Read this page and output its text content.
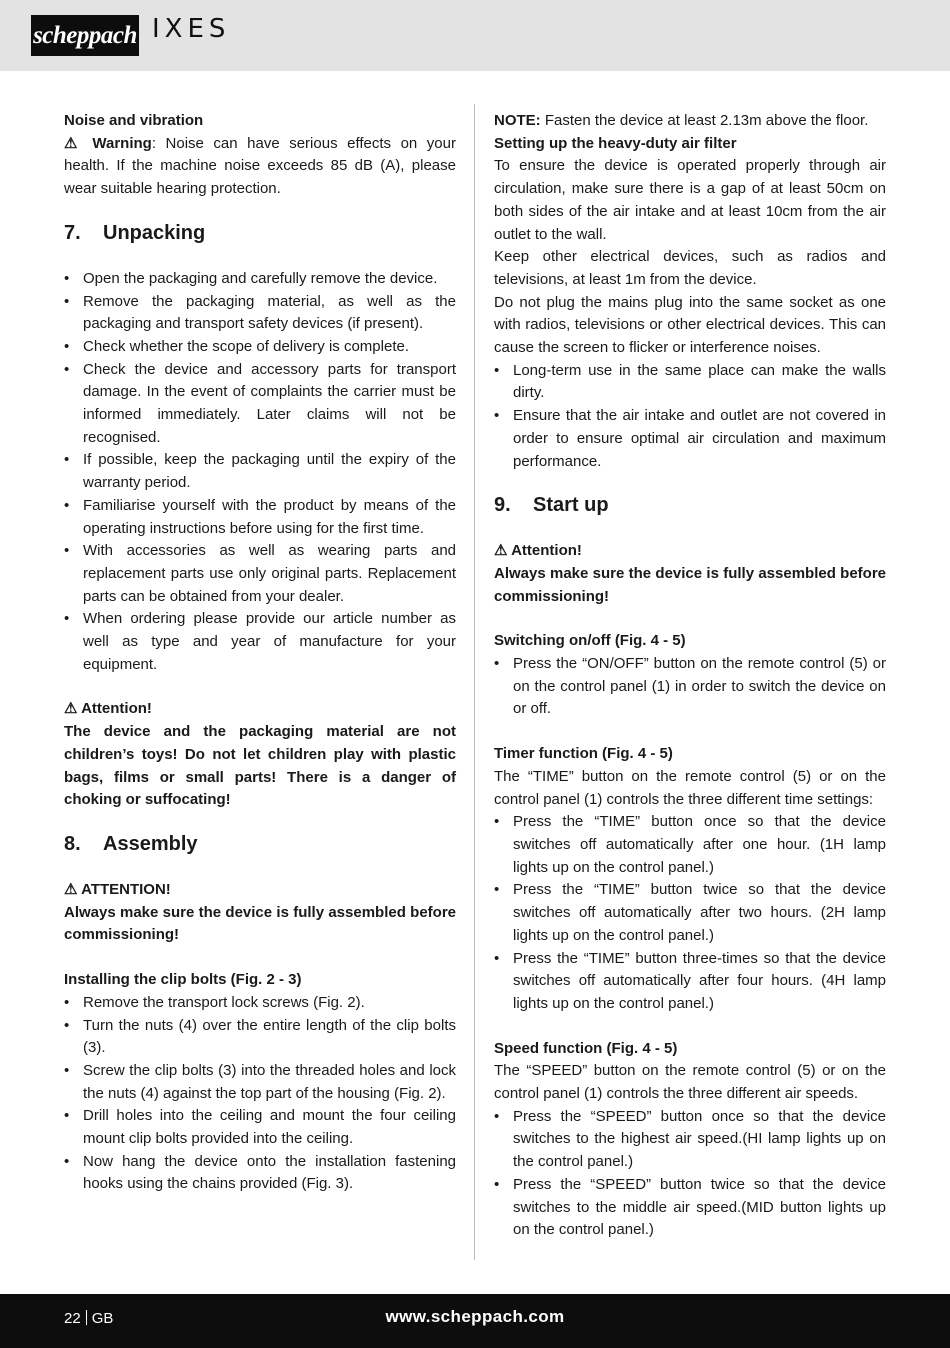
scheppach IXES

Noise and vibration

⚠ Warning: Noise can have serious effects on your health. If the machine noise exceeds 85 dB (A), please wear suitable hearing protection.

7. Unpacking
• Open the packaging and carefully remove the device.
• Remove the packaging material, as well as the packaging and transport safety devices (if present).
• Check whether the scope of delivery is complete.
• Check the device and accessory parts for transport damage. In the event of complaints the carrier must be informed immediately. Later claims will not be recognised.
• If possible, keep the packaging until the expiry of the warranty period.
• Familiarise yourself with the product by means of the operating instructions before using for the first time.
• With accessories as well as wearing parts and replacement parts use only original parts. Replacement parts can be obtained from your dealer.
• When ordering please provide our article number as well as type and year of manufacture for your equipment.

⚠ Attention!

The device and the packaging material are not children’s toys! Do not let children play with plastic bags, films or small parts! There is a danger of choking or suffocating!

8. Assembly

⚠ ATTENTION!

Always make sure the device is fully assembled before commissioning!

Installing the clip bolts (Fig. 2 - 3)

• Remove the transport lock screws (Fig. 2).
• Turn the nuts (4) over the entire length of the clip bolts (3).
• Screw the clip bolts (3) into the threaded holes and lock the nuts (4) against the top part of the housing (Fig. 2).
• Drill holes into the ceiling and mount the four ceiling mount clip bolts provided into the ceiling.
• Now hang the device onto the installation fastening hooks using the chains provided (Fig. 3).

NOTE: Fasten the device at least 2.13m above the floor.

Setting up the heavy-duty air filter

To ensure the device is operated properly through air circulation, make sure there is a gap of at least 50cm on both sides of the air intake and at least 10cm from the air outlet to the wall.

Keep other electrical devices, such as radios and televisions, at least 1m from the device.

Do not plug the mains plug into the same socket as one with radios, televisions or other electrical devices. This can cause the screen to flicker or interference noises.

• Long-term use in the same place can make the walls dirty.
• Ensure that the air intake and outlet are not covered in order to ensure optimal air circulation and maximum performance.
9. Start up

⚠ Attention!

Always make sure the device is fully assembled before commissioning!

Switching on/off (Fig. 4 - 5)

• Press the “ON/OFF” button on the remote control (5) or on the control panel (1) in order to switch the device on or off.

Timer function (Fig. 4 - 5)

The “TIME” button on the remote control (5) or on the control panel (1) controls the three different time settings:

• Press the “TIME” button once so that the device switches off automatically after one hour. (1H lamp lights up on the control panel.)
• Press the “TIME” button twice so that the device switches off automatically after two hours. (2H lamp lights up on the control panel.)
• Press the “TIME” button three-times so that the device switches off automatically after four hours. (4H lamp lights up on the control panel.)

Speed function (Fig. 4 - 5)

The “SPEED” button on the remote control (5) or on the control panel (1) controls the three different air speeds.

• Press the “SPEED” button once so that the device switches to the highest air speed.(HI lamp lights up on the control panel.)
• Press the “SPEED” button twice so that the device switches to the middle air speed.(MID button lights up on the control panel.)
22 GB	www.scheppach.com
